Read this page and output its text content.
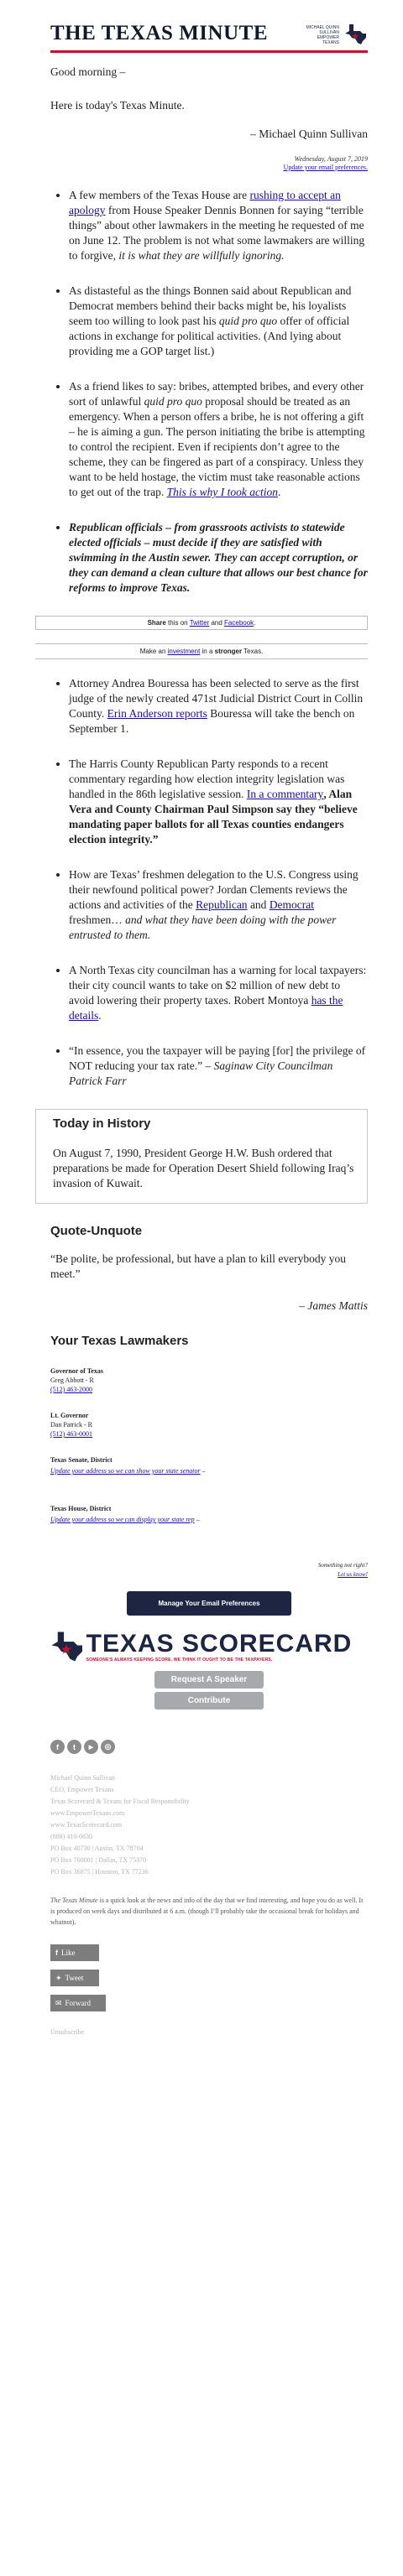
THE TEXAS MINUTE	MICHAEL QUINN SULLIVAN EMPOWER TEXANS

Good morning –

Here is today's Texas Minute.

– Michael Quinn Sullivan

Wednesday, August 7, 2019

Update your email preferences.

• A few members of the Texas House are rushing to accept an apology from House Speaker Dennis Bonnen for saying “terrible things” about other lawmakers in the meeting he requested of me on June 12. The problem is not what some lawmakers are willing to forgive, it is what they are willfully ignoring.
• As distasteful as the things Bonnen said about Republican and Democrat members behind their backs might be, his loyalists seem too willing to look past his quid pro quo offer of official actions in exchange for political activities. (And lying about providing me a GOP target list.)
• As a friend likes to say: bribes, attempted bribes, and every other sort of unlawful quid pro quo proposal should be treated as an emergency. When a person offers a bribe, he is not offering a gift – he is aiming a gun. The person initiating the bribe is attempting to control the recipient. Even if recipients don’t agree to the scheme, they can be fingered as part of a conspiracy. Unless they want to be held hostage, the victim must take reasonable actions to get out of the trap. This is why I took action.
• Republican officials – from grassroots activists to statewide elected officials – must decide if they are satisfied with swimming in the Austin sewer. They can accept corruption, or they can demand a clean culture that allows our best chance for reforms to improve Texas.
Share this on Twitter and Facebook.
Make an investment in a stronger Texas.
• Attorney Andrea Bouressa has been selected to serve as the first judge of the newly created 471st Judicial District Court in Collin County. Erin Anderson reports Bouressa will take the bench on September 1.
• The Harris County Republican Party responds to a recent commentary regarding how election integrity legislation was handled in the 86th legislative session. In a commentary, Alan Vera and County Chairman Paul Simpson say they “believe mandating paper ballots for all Texas counties endangers election integrity.”
• How are Texas’ freshmen delegation to the U.S. Congress using their newfound political power? Jordan Clements reviews the actions and activities of the Republican and Democrat freshmen… and what they have been doing with the power entrusted to them.
• A North Texas city councilman has a warning for local taxpayers: their city council wants to take on $2 million of new debt to avoid lowering their property taxes. Robert Montoya has the details.
• “In essence, you the taxpayer will be paying [for] the privilege of NOT reducing your tax rate.” – Saginaw City Councilman Patrick Farr
Today in History

On August 7, 1990, President George H.W. Bush ordered that preparations be made for Operation Desert Shield following Iraq’s invasion of Kuwait.

Quote-Unquote

“Be polite, be professional, but have a plan to kill everybody you meet.”

– James Mattis

Your Texas Lawmakers
Governor of Texas
Greg Abbott - R
(512) 463-2000
Lt. Governor
Dan Patrick - R
(512) 463-0001
Texas Senate, District
Update your address so we can show your state senator –
Texas House, District
Update your address so we can display your state rep –
Something not right?
Let us know!
Manage Your Email Preferences
TEXAS SCORECARD
SOMEONE'S ALWAYS KEEPING SCORE. WE THINK IT OUGHT TO BE THE TAXPAYERS.
Request A Speaker
Contribute
f	t	▶	◎
Michael Quinn Sullivan
CEO, Empower Texans
Texas Scorecard & Texans for Fiscal Responsibility
www.EmpowerTexans.com
www.TexasScorecard.com
(888) 410-0830
PO Box 40730 | Austin, TX 78704
PO Box 700001 | Dallas, TX 75370
PO Box 36875 | Houston, TX 77236

The Texas Minute is a quick look at the news and info of the day that we find interesting, and hope you do as well. It is produced on week days and distributed at 6 a.m. (though I’ll probably take the occasional break for holidays and whatnot).

f Like
✦ Tweet
✉ Forward

Unsubscribe
